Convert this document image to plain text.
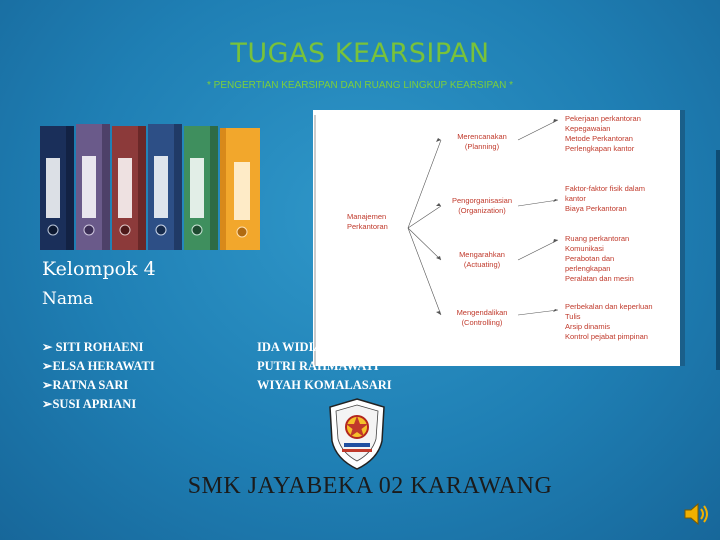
TUGAS KEARSIPAN
* PENGERTIAN KEARSIPAN DAN RUANG LINGKUP KEARSIPAN *
Manajemen
Perkantoran
Merencanakan
(Planning)
Pengorganisasian
(Organization)
Mengarahkan
(Actuating)
Mengendalikan
(Controlling)
Pekerjaan perkantoran
Kepegawaian
Metode Perkantoran
Perlengkapan kantor
Faktor-faktor fisik dalam
kantor
Biaya Perkantoran
Ruang perkantoran
Komunikasi
Perabotan dan
perlengkapan
Peralatan dan mesin
Perbekalan dan keperluan
Tulis
Arsip dinamis
Kontrol pejabat pimpinan
Kelompok 4
Nama
➢ SITI ROHAENI
➢ELSA HERAWATI
➢RATNA SARI
➢SUSI APRIANI
IDA WIDIA
PUTRI RAHMAWATI
WIYAH KOMALASARI
SMK JAYABEKA 02 KARAWANG
